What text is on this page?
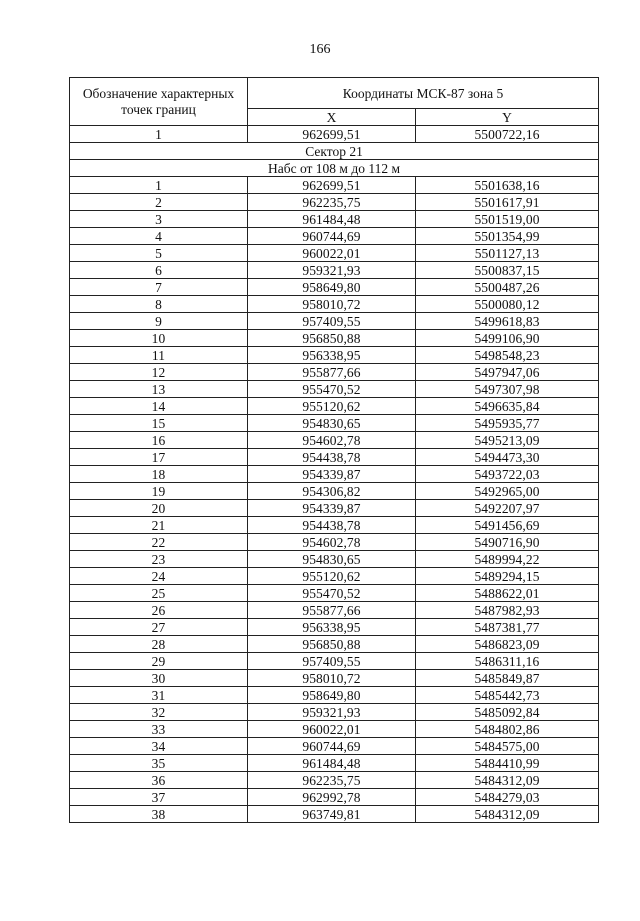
166
Обозначение характерных точек границ	Координаты МСК-87 зона 5	
	X	Y
1	962699,51	5500722,16
Сектор 21		
Набс от 108 м до 112 м		
1	962699,51	5501638,16
2	962235,75	5501617,91
3	961484,48	5501519,00
4	960744,69	5501354,99
5	960022,01	5501127,13
6	959321,93	5500837,15
7	958649,80	5500487,26
8	958010,72	5500080,12
9	957409,55	5499618,83
10	956850,88	5499106,90
11	956338,95	5498548,23
12	955877,66	5497947,06
13	955470,52	5497307,98
14	955120,62	5496635,84
15	954830,65	5495935,77
16	954602,78	5495213,09
17	954438,78	5494473,30
18	954339,87	5493722,03
19	954306,82	5492965,00
20	954339,87	5492207,97
21	954438,78	5491456,69
22	954602,78	5490716,90
23	954830,65	5489994,22
24	955120,62	5489294,15
25	955470,52	5488622,01
26	955877,66	5487982,93
27	956338,95	5487381,77
28	956850,88	5486823,09
29	957409,55	5486311,16
30	958010,72	5485849,87
31	958649,80	5485442,73
32	959321,93	5485092,84
33	960022,01	5484802,86
34	960744,69	5484575,00
35	961484,48	5484410,99
36	962235,75	5484312,09
37	962992,78	5484279,03
38	963749,81	5484312,09
